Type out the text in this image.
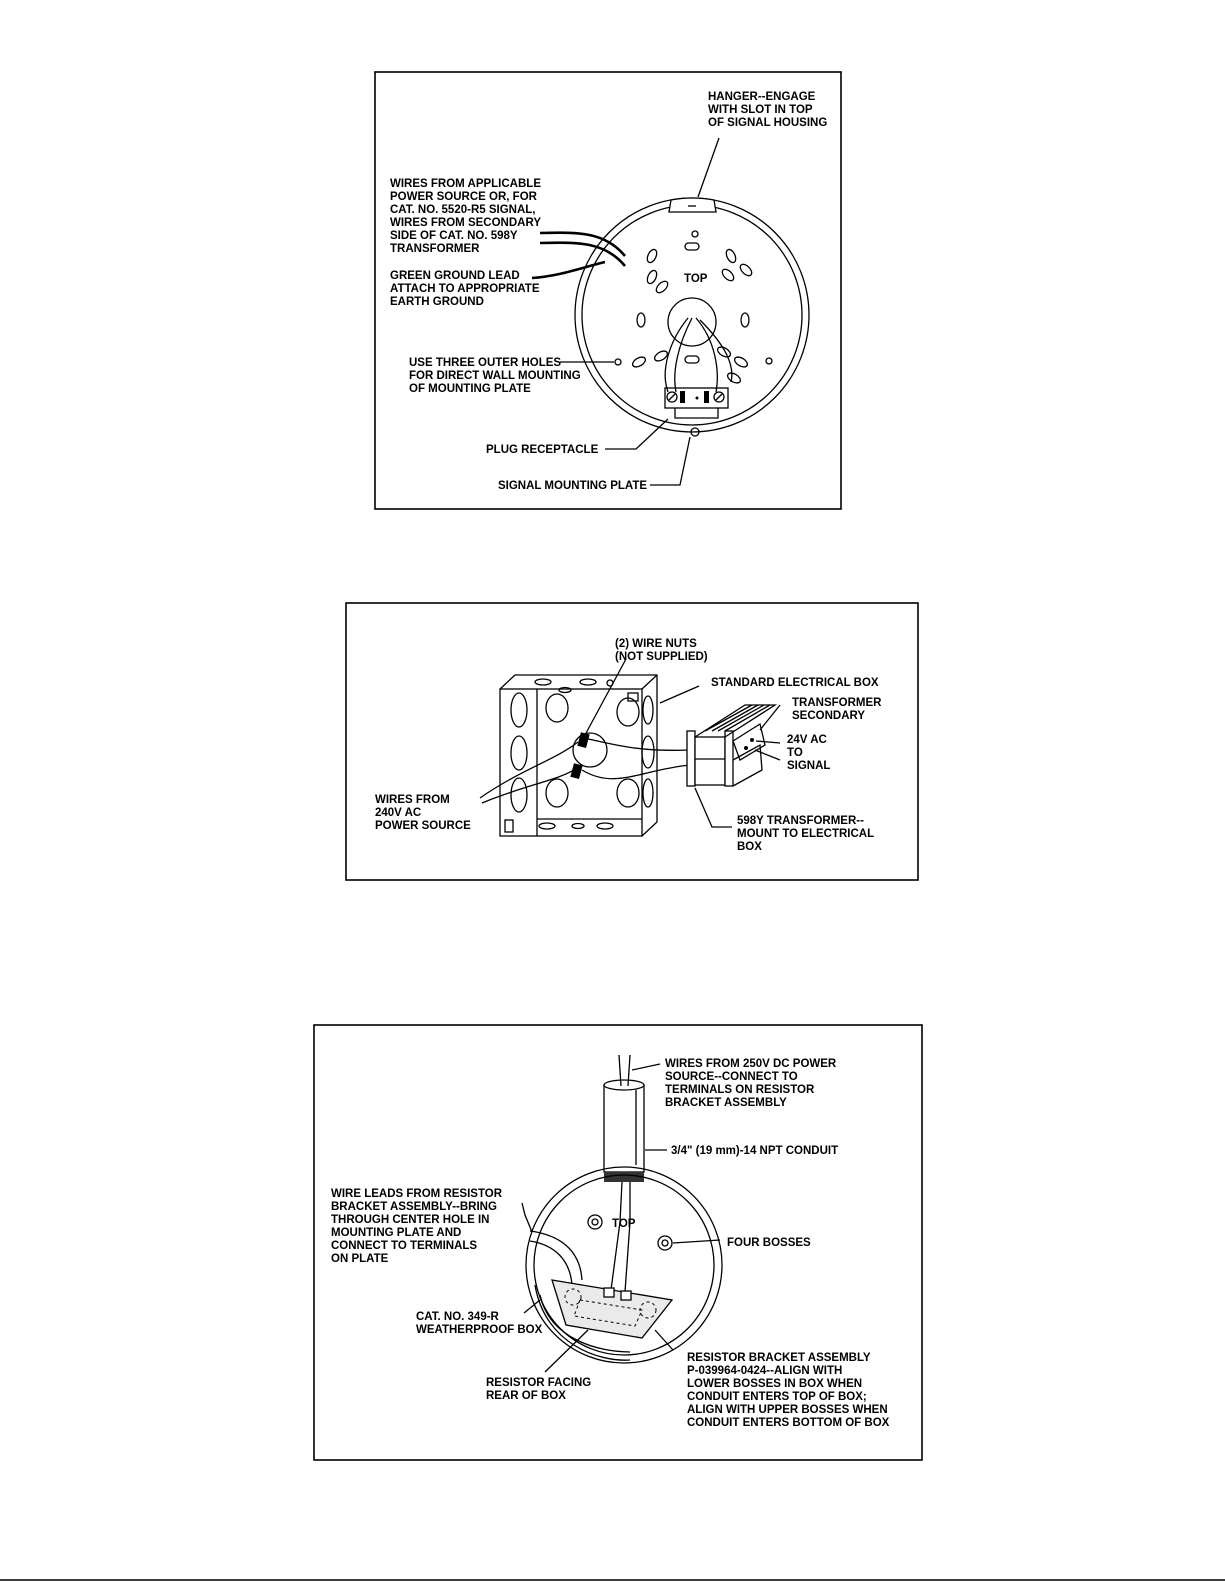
HANGER--ENGAGE WITH SLOT IN TOP OF SIGNAL HOUSING
WIRES FROM APPLICABLE POWER SOURCE OR, FOR CAT. NO. 5520-R5 SIGNAL, WIRES FROM SECONDARY SIDE OF CAT. NO. 598Y TRANSFORMER
GREEN GROUND LEAD ATTACH TO APPROPRIATE EARTH GROUND
TOP
USE THREE OUTER HOLES FOR DIRECT WALL MOUNTING OF MOUNTING PLATE
PLUG RECEPTACLE
SIGNAL MOUNTING PLATE
(2) WIRE NUTS (NOT SUPPLIED)
STANDARD ELECTRICAL BOX
TRANSFORMER SECONDARY
24V AC TO SIGNAL
WIRES FROM 240V AC POWER SOURCE	598Y TRANSFORMER-- MOUNT TO ELECTRICAL BOX
WIRES FROM 250V DC POWER SOURCE--CONNECT TO TERMINALS ON RESISTOR BRACKET ASSEMBLY
3/4" (19 mm)-14 NPT CONDUIT
WIRE LEADS FROM RESISTOR BRACKET ASSEMBLY--BRING THROUGH CENTER HOLE IN MOUNTING PLATE AND CONNECT TO TERMINALS ON PLATE
TOP
FOUR BOSSES
CAT. NO. 349-R WEATHERPROOF BOX
RESISTOR BRACKET ASSEMBLY P-039964-0424--ALIGN WITH LOWER BOSSES IN BOX WHEN CONDUIT ENTERS TOP OF BOX; ALIGN WITH UPPER BOSSES WHEN CONDUIT ENTERS BOTTOM OF BOX
RESISTOR FACING REAR OF BOX
